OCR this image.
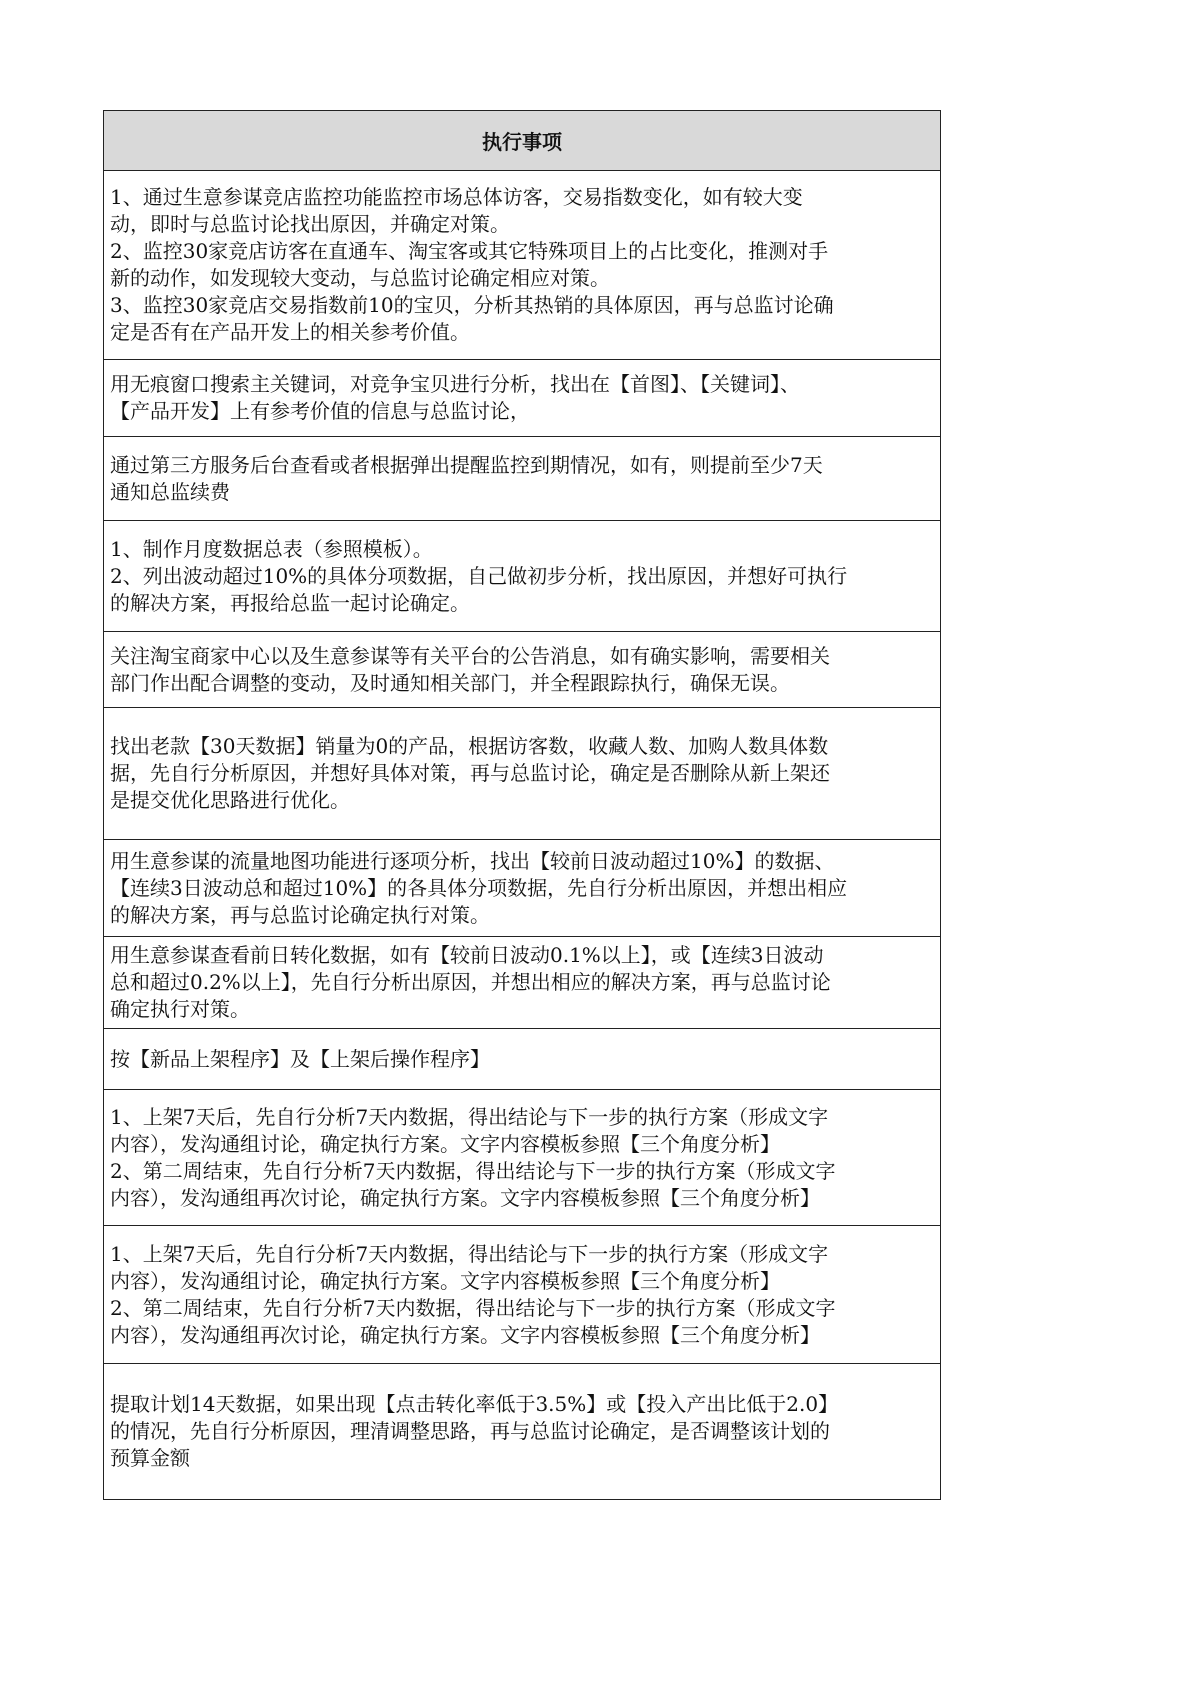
执行事项

1、通过生意参谋竞店监控功能监控市场总体访客，交易指数变化，如有较大变
动，即时与总监讨论找出原因，并确定对策。
2、监控30家竞店访客在直通车、淘宝客或其它特殊项目上的占比变化，推测对手
新的动作，如发现较大变动，与总监讨论确定相应对策。
3、监控30家竞店交易指数前10的宝贝，分析其热销的具体原因，再与总监讨论确
定是否有在产品开发上的相关参考价值。

用无痕窗口搜索主关键词，对竞争宝贝进行分析，找出在【首图】、【关键词】、
【产品开发】上有参考价值的信息与总监讨论，

通过第三方服务后台查看或者根据弹出提醒监控到期情况，如有，则提前至少7天
通知总监续费

1、制作月度数据总表（参照模板）。
2、列出波动超过10%的具体分项数据，自己做初步分析，找出原因，并想好可执行
的解决方案，再报给总监一起讨论确定。

关注淘宝商家中心以及生意参谋等有关平台的公告消息，如有确实影响，需要相关
部门作出配合调整的变动，及时通知相关部门，并全程跟踪执行，确保无误。

找出老款【30天数据】销量为0的产品，根据访客数，收藏人数、加购人数具体数
据，先自行分析原因，并想好具体对策，再与总监讨论，确定是否删除从新上架还
是提交优化思路进行优化。

用生意参谋的流量地图功能进行逐项分析，找出【较前日波动超过10%】的数据、
【连续3日波动总和超过10%】的各具体分项数据，先自行分析出原因，并想出相应
的解决方案，再与总监讨论确定执行对策。

用生意参谋查看前日转化数据，如有【较前日波动0.1%以上】，或【连续3日波动
总和超过0.2%以上】，先自行分析出原因，并想出相应的解决方案，再与总监讨论
确定执行对策。

按【新品上架程序】及【上架后操作程序】

1、上架7天后，先自行分析7天内数据，得出结论与下一步的执行方案（形成文字
内容），发沟通组讨论，确定执行方案。文字内容模板参照【三个角度分析】
2、第二周结束，先自行分析7天内数据，得出结论与下一步的执行方案（形成文字
内容），发沟通组再次讨论，确定执行方案。文字内容模板参照【三个角度分析】

1、上架7天后，先自行分析7天内数据，得出结论与下一步的执行方案（形成文字
内容），发沟通组讨论，确定执行方案。文字内容模板参照【三个角度分析】
2、第二周结束，先自行分析7天内数据，得出结论与下一步的执行方案（形成文字
内容），发沟通组再次讨论，确定执行方案。文字内容模板参照【三个角度分析】

提取计划14天数据，如果出现【点击转化率低于3.5%】或【投入产出比低于2.0】
的情况，先自行分析原因，理清调整思路，再与总监讨论确定，是否调整该计划的
预算金额
